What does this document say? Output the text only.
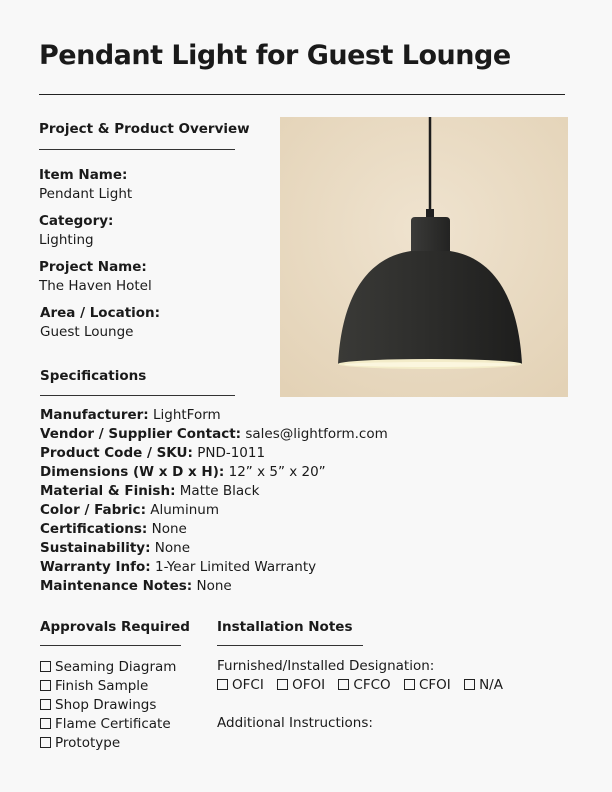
Pendant Light for Guest Lounge
Project & Product Overview
Item Name:
Pendant Light
Category:
Lighting
Project Name:
The Haven Hotel
Area / Location:
Guest Lounge
Specifications
Manufacturer: LightForm
Vendor / Supplier Contact: sales@lightform.com
Product Code / SKU: PND-1011
Dimensions (W x D x H): 12” x 5” x 20”
Material & Finish: Matte Black
Color / Fabric: Aluminum
Certifications: None
Sustainability: None
Warranty Info: 1-Year Limited Warranty
Maintenance Notes: None
Approvals Required
Seaming Diagram
Finish Sample
Shop Drawings
Flame Certificate
Prototype
Installation Notes
Furnished/Installed Designation:
OFCI OFOI CFCO CFOI N/A
Additional Instructions:
